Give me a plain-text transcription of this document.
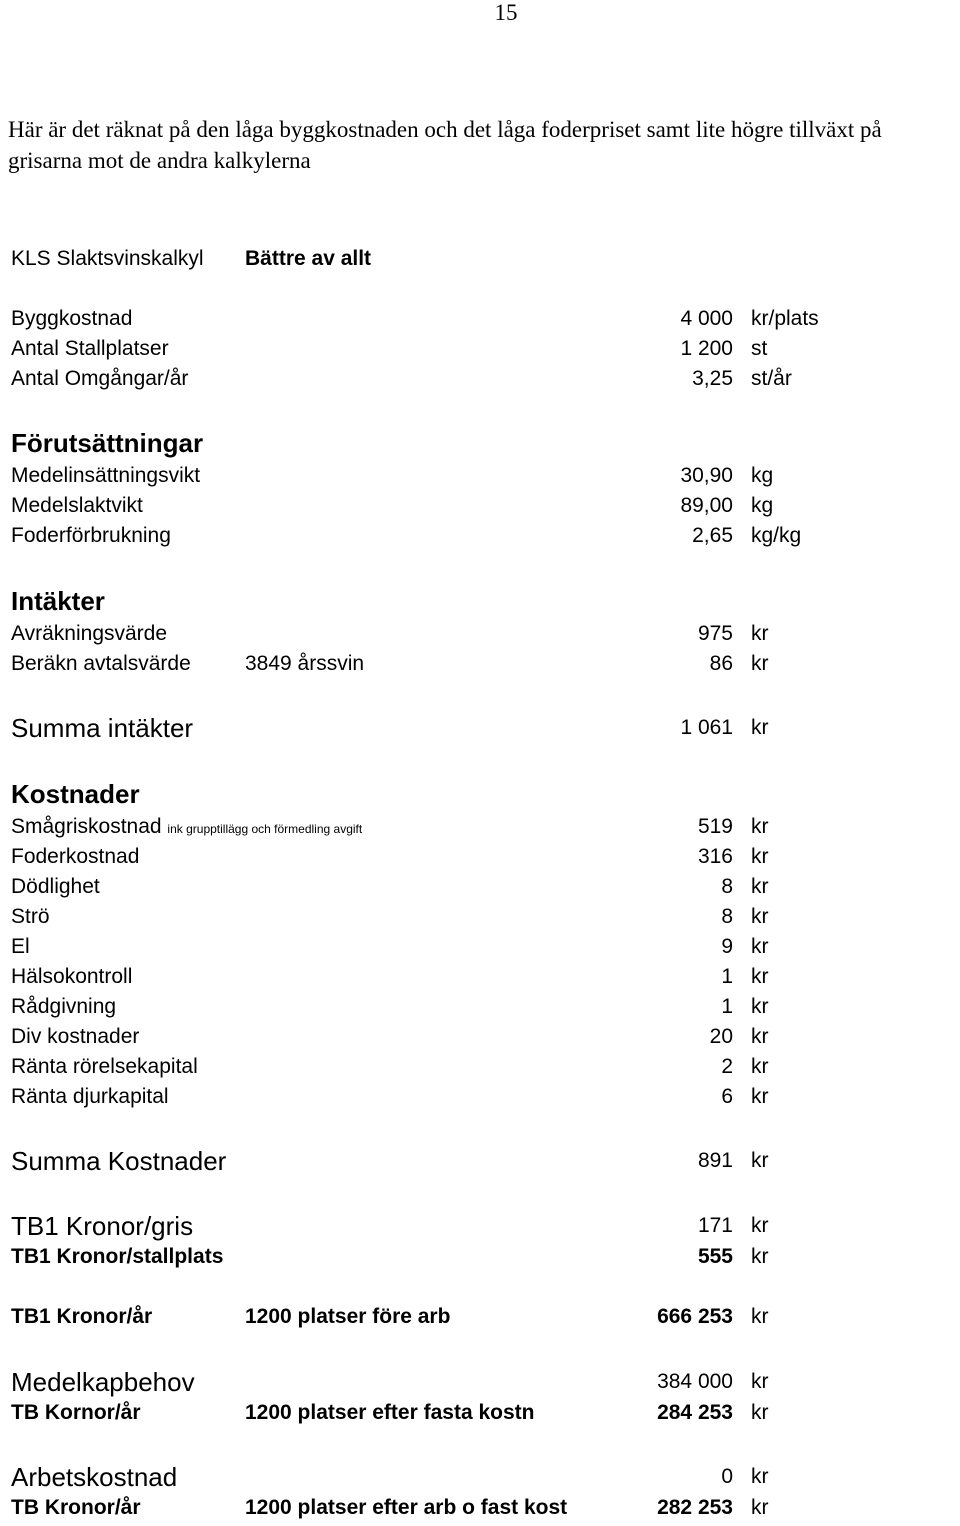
15
Här är det räknat på den låga byggkostnaden och det låga foderpriset samt lite högre tillväxt på grisarna mot de andra kalkylerna
KLS Slaktsvinskalkyl Bättre av allt
Byggkostnad	4 000 kr/plats
Antal Stallplatser	1 200 st
Antal Omgångar/år	3,25 st/år
Förutsättningar
Medelinsättningsvikt	30,90 kg
Medelslaktvikt	89,00 kg
Foderförbrukning	2,65 kg/kg
Intäkter
Avräkningsvärde	975 kr
Beräkn avtalsvärde	3849 årssvin	86 kr
Summa intäkter	1 061 kr
Kostnader
Smågriskostnad ink grupptillägg och förmedling avgift	519 kr
Foderkostnad	316 kr
Dödlighet	8 kr
Strö	8 kr
El	9 kr
Hälsokontroll	1 kr
Rådgivning	1 kr
Div kostnader	20 kr
Ränta rörelsekapital	2 kr
Ränta djurkapital	6 kr
Summa Kostnader	891 kr
TB1 Kronor/gris	171 kr
TB1 Kronor/stallplats	555 kr
TB1 Kronor/år	1200 platser före arb	666 253 kr
Medelkapbehov	384 000 kr
TB Kornor/år	1200 platser efter fasta kostn	284 253 kr
Arbetskostnad	0 kr
TB Kronor/år	1200 platser efter arb o fast kost	282 253 kr
